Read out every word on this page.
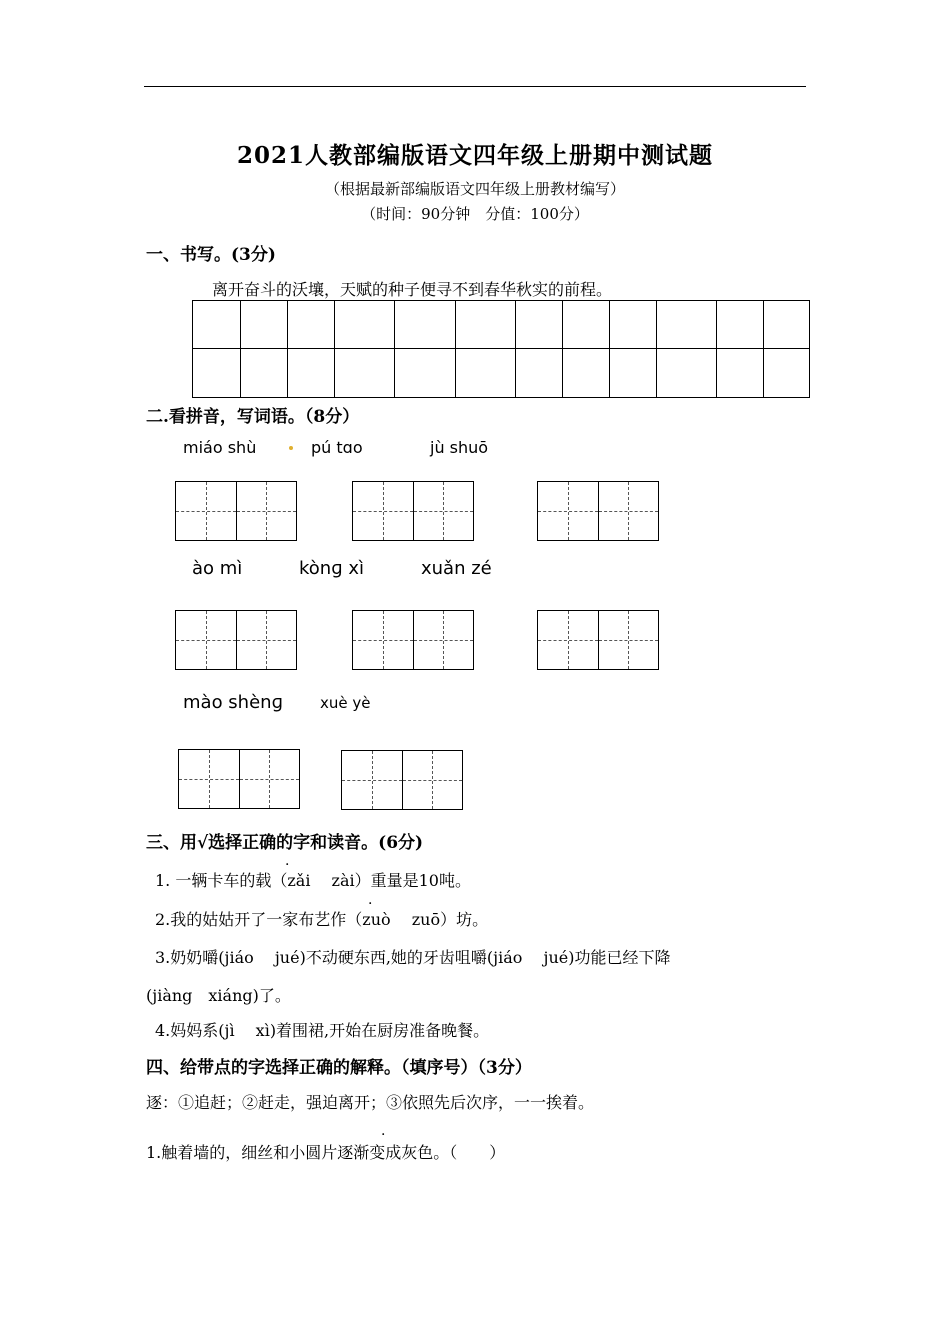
2021人教部编版语文四年级上册期中测试题
（根据最新部编版语文四年级上册教材编写）
（时间：90分钟　分值：100分）
一、书写。(3分)
离开奋斗的沃壤，天赋的种子便寻不到春华秋实的前程。
二.看拼音，写词语。（8分）
miáo shù	pú tɑo	jù shuō
ào mì	kònɡ xì	xuǎn zé
mào shènɡ xuè yè
三、用√选择正确的字和读音。(6分)
·
1. 一辆卡车的载（zǎi　 zài）重量是10吨。
·
2.我的姑姑开了一家布艺作（zuò　 zuō）坊。
3.奶奶嚼(jiáo　 jué)不动硬东西,她的牙齿咀嚼(jiáo　 jué)功能已经下降
(jiàng　xiáng)了。
4.妈妈系(jì　 xì)着围裙,开始在厨房准备晚餐。
四、给带点的字选择正确的解释。（填序号）（3分）
逐：①追赶；②赶走，强迫离开；③依照先后次序，一一挨着。
·
1.触着墙的，细丝和小圆片逐渐变成灰色。（　　）
